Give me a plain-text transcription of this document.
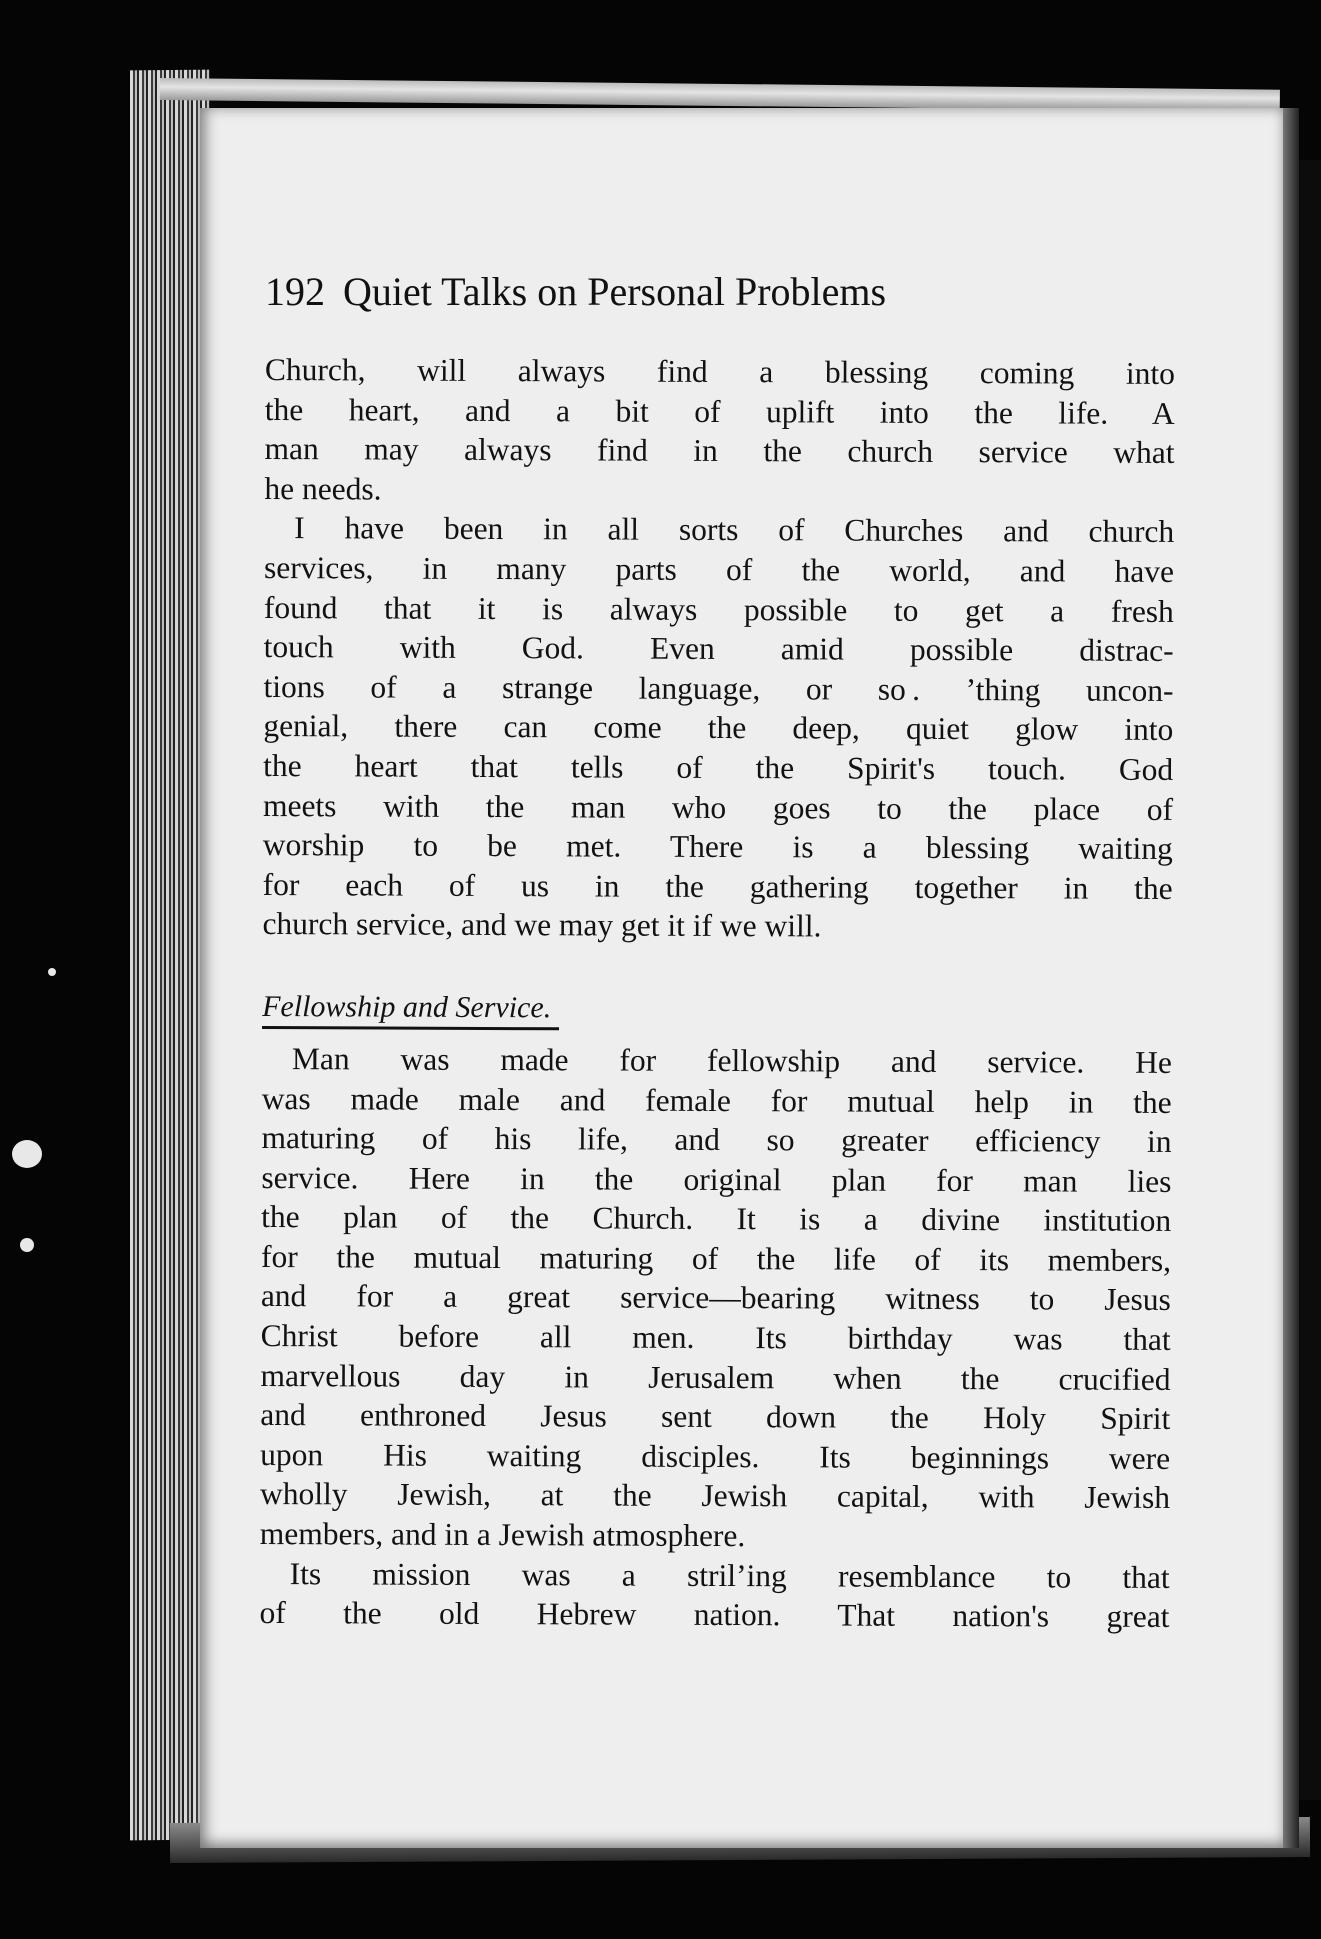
192 Quiet Talks on Personal Problems

Church, will always find a blessing coming into

the heart, and a bit of uplift into the life. A

man may always find in the church service what

he needs.

I have been in all sorts of Churches and church

services, in many parts of the world, and have

found that it is always possible to get a fresh

touch with God. Even amid possible distrac-

tions of a strange language, or so . ’thing uncon-

genial, there can come the deep, quiet glow into

the heart that tells of the Spirit's touch. God

meets with the man who goes to the place of

worship to be met. There is a blessing waiting

for each of us in the gathering together in the

church service, and we may get it if we will.

Fellowship and Service.

Man was made for fellowship and service. He

was made male and female for mutual help in the

maturing of his life, and so greater efficiency in

service. Here in the original plan for man lies

the plan of the Church. It is a divine institution

for the mutual maturing of the life of its members,

and for a great service—bearing witness to Jesus

Christ before all men. Its birthday was that

marvellous day in Jerusalem when the crucified

and enthroned Jesus sent down the Holy Spirit

upon His waiting disciples. Its beginnings were

wholly Jewish, at the Jewish capital, with Jewish

members, and in a Jewish atmosphere.

Its mission was a stril’ing resemblance to that

of the old Hebrew nation. That nation's great
